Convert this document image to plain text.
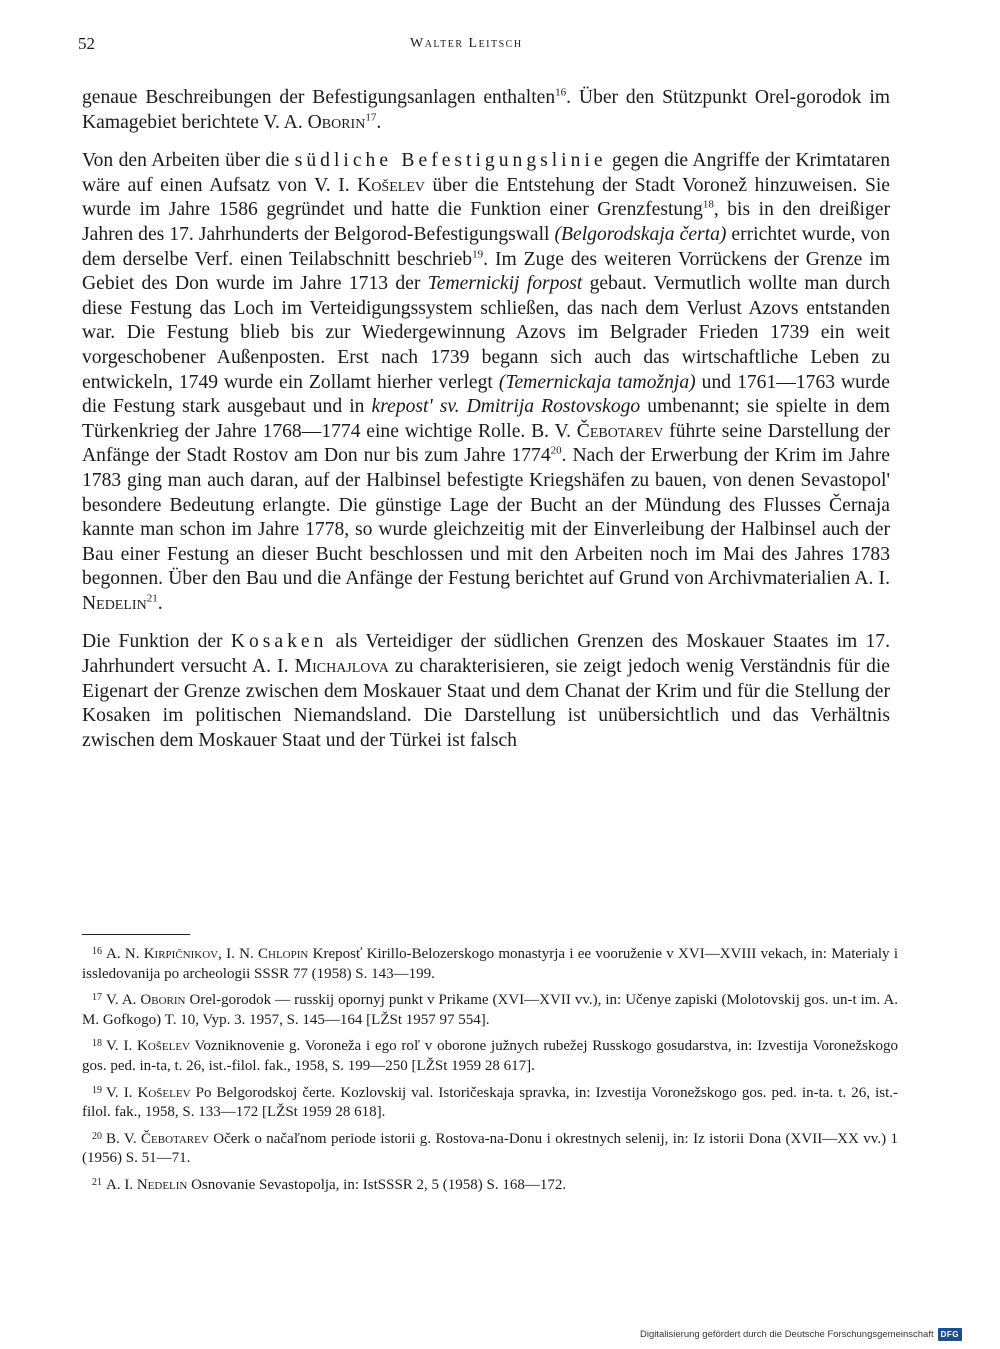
52	Walter Leitsch

genaue Beschreibungen der Befestigungsanlagen enthalten$^{16}$. Über den Stützpunkt Orel-gorodok im Kamagebiet berichtete V. A. Oborin$^{17}$.

Von den Arbeiten über die südliche Befestigungslinie gegen die Angriffe der Krimtataren wäre auf einen Aufsatz von V. I. Košelev über die Entstehung der Stadt Voronež hinzuweisen. Sie wurde im Jahre 1586 gegründet und hatte die Funktion einer Grenzfestung$^{18}$, bis in den dreißiger Jahren des 17. Jahrhunderts der Belgorod-Befestigungswall (Belgorodskaja čerta) errichtet wurde, von dem derselbe Verf. einen Teilabschnitt beschrieb$^{19}$. Im Zuge des weiteren Vorrückens der Grenze im Gebiet des Don wurde im Jahre 1713 der Temernickij forpost gebaut. Vermutlich wollte man durch diese Festung das Loch im Verteidigungssystem schließen, das nach dem Verlust Azovs entstanden war. Die Festung blieb bis zur Wiedergewinnung Azovs im Belgrader Frieden 1739 ein weit vorgeschobener Außenposten. Erst nach 1739 begann sich auch das wirtschaftliche Leben zu entwickeln, 1749 wurde ein Zollamt hierher verlegt (Temernickaja tamožnja) und 1761—1763 wurde die Festung stark ausgebaut und in krepost' sv. Dmitrija Rostovskogo umbenannt; sie spielte in dem Türkenkrieg der Jahre 1768—1774 eine wichtige Rolle. B. V. Čebotarev führte seine Darstellung der Anfänge der Stadt Rostov am Don nur bis zum Jahre 1774$^{20}$. Nach der Erwerbung der Krim im Jahre 1783 ging man auch daran, auf der Halbinsel befestigte Kriegshäfen zu bauen, von denen Sevastopol' besondere Bedeutung erlangte. Die günstige Lage der Bucht an der Mündung des Flusses Černaja kannte man schon im Jahre 1778, so wurde gleichzeitig mit der Einverleibung der Halbinsel auch der Bau einer Festung an dieser Bucht beschlossen und mit den Arbeiten noch im Mai des Jahres 1783 begonnen. Über den Bau und die Anfänge der Festung berichtet auf Grund von Archivmaterialien A. I. Nedelin$^{21}$.

Die Funktion der Kosaken als Verteidiger der südlichen Grenzen des Moskauer Staates im 17. Jahrhundert versucht A. I. Michajlova zu charakterisieren, sie zeigt jedoch wenig Verständnis für die Eigenart der Grenze zwischen dem Moskauer Staat und dem Chanat der Krim und für die Stellung der Kosaken im politischen Niemandsland. Die Darstellung ist unübersichtlich und das Verhältnis zwischen dem Moskauer Staat und der Türkei ist falsch

$^{16}$ A. N. Kirpičnikov, I. N. Chlopin Kreposť Kirillo-Belozerskogo monastyrja i ee vooruženie v XVI—XVIII vekach, in: Materialy i issledovanija po archeologii SSSR 77 (1958) S. 143—199.

$^{17}$ V. A. Oborin Orel-gorodok — russkij opornyj punkt v Prikame (XVI—XVII vv.), in: Učenye zapiski (Molotovskij gos. un-t im. A. M. Gofkogo) T. 10, Vyp. 3. 1957, S. 145—164 [LŽSt 1957 97 554].

$^{18}$ V. I. Košelev Vozniknovenie g. Voroneža i ego roľ v oborone južnych rubežej Russkogo gosudarstva, in: Izvestija Voronežskogo gos. ped. in-ta, t. 26, ist.-filol. fak., 1958, S. 199—250 [LŽSt 1959 28 617].

$^{19}$ V. I. Košelev Po Belgorodskoj čerte. Kozlovskij val. Istoričeskaja spravka, in: Izvestija Voronežskogo gos. ped. in-ta. t. 26, ist.-filol. fak., 1958, S. 133—172 [LŽSt 1959 28 618].

$^{20}$ B. V. Čebotarev Očerk o načaľnom periode istorii g. Rostova-na-Donu i okrestnych selenij, in: Iz istorii Dona (XVII—XX vv.) 1 (1956) S. 51—71.

$^{21}$ A. I. Nedelin Osnovanie Sevastopolja, in: IstSSSR 2, 5 (1958) S. 168—172.

Digitalisierung gefördert durch die Deutsche Forschungsgemeinschaft DFG
